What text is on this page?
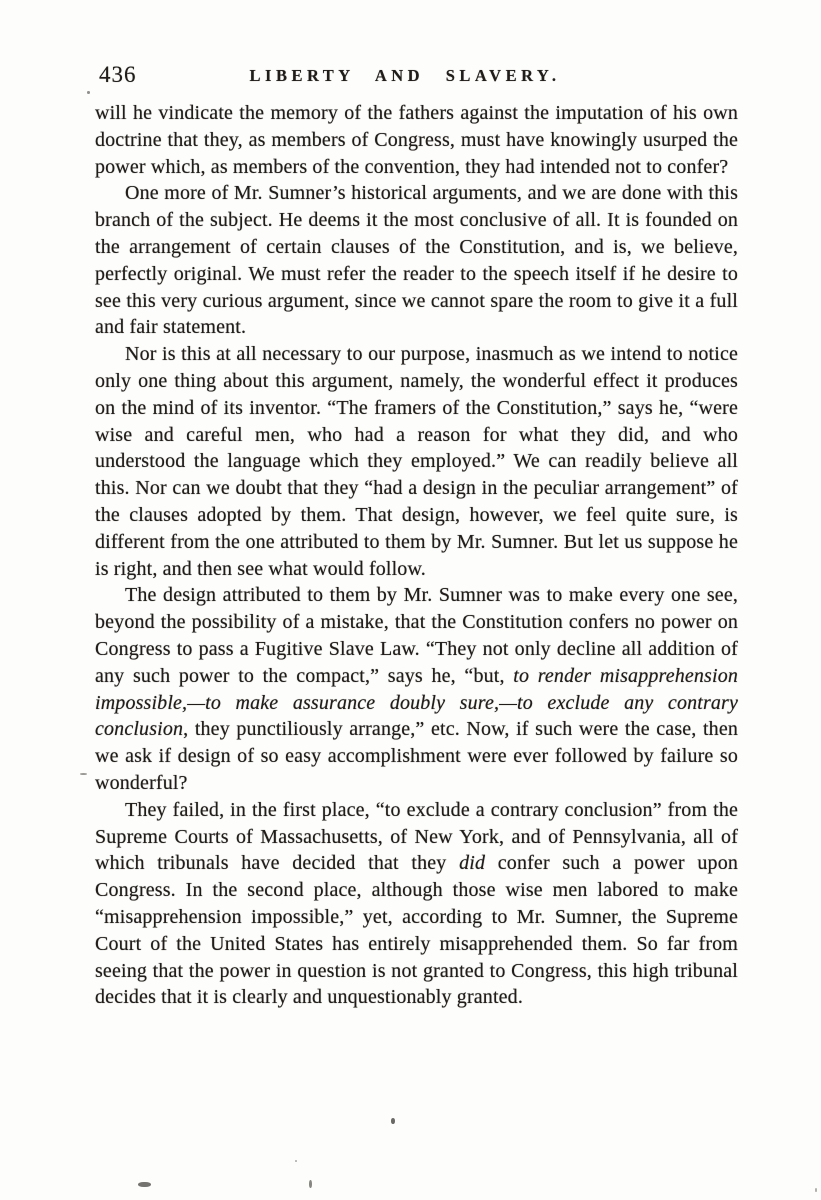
436	LIBERTY AND SLAVERY.

will he vindicate the memory of the fathers against the imputation of his own doctrine that they, as members of Congress, must have knowingly usurped the power which, as members of the convention, they had intended not to confer?

One more of Mr. Sumner’s historical arguments, and we are done with this branch of the subject. He deems it the most conclusive of all. It is founded on the arrangement of certain clauses of the Constitution, and is, we believe, perfectly original. We must refer the reader to the speech itself if he desire to see this very curious argument, since we cannot spare the room to give it a full and fair statement.

Nor is this at all necessary to our purpose, inasmuch as we intend to notice only one thing about this argument, namely, the wonderful effect it produces on the mind of its inventor. “The framers of the Constitution,” says he, “were wise and careful men, who had a reason for what they did, and who understood the language which they employed.” We can readily believe all this. Nor can we doubt that they “had a design in the peculiar arrangement” of the clauses adopted by them. That design, however, we feel quite sure, is different from the one attributed to them by Mr. Sumner. But let us suppose he is right, and then see what would follow.

The design attributed to them by Mr. Sumner was to make every one see, beyond the possibility of a mistake, that the Constitution confers no power on Congress to pass a Fugitive Slave Law. “They not only decline all addition of any such power to the compact,” says he, “but, to render misapprehension impossible,—to make assurance doubly sure,—to exclude any contrary conclusion, they punctiliously arrange,” etc. Now, if such were the case, then we ask if design of so easy accomplishment were ever followed by failure so wonderful?

They failed, in the first place, “to exclude a contrary conclusion” from the Supreme Courts of Massachusetts, of New York, and of Pennsylvania, all of which tribunals have decided that they did confer such a power upon Congress. In the second place, although those wise men labored to make “misapprehension impossible,” yet, according to Mr. Sumner, the Supreme Court of the United States has entirely misapprehended them. So far from seeing that the power in question is not granted to Congress, this high tribunal decides that it is clearly and unquestionably granted.
